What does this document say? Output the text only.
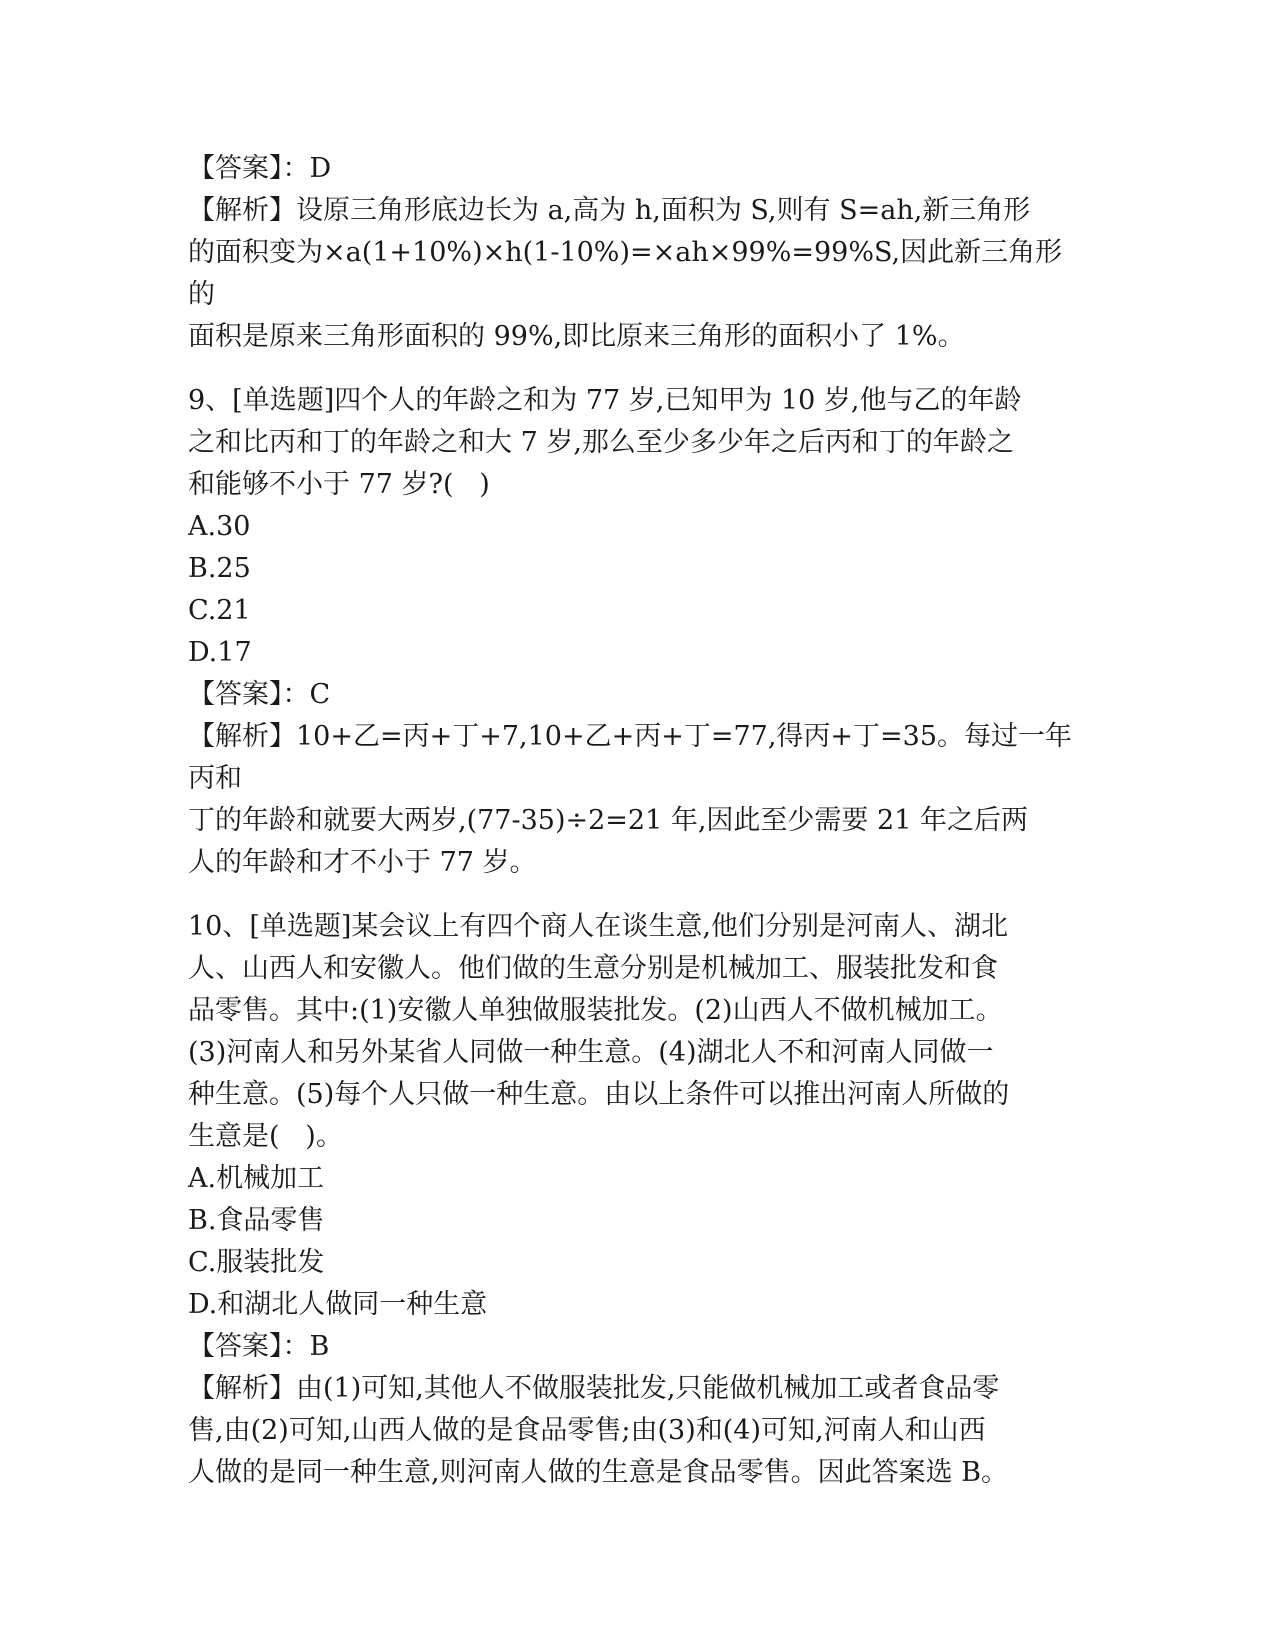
【答案】：D

【解析】设原三角形底边长为 a,高为 h,面积为 S,则有 S=ah,新三角形

的面积变为×a(1+10%)×h(1-10%)=×ah×99%=99%S,因此新三角形的

面积是原来三角形面积的 99%,即比原来三角形的面积小了 1%。

9、[单选题]四个人的年龄之和为 77 岁,已知甲为 10 岁,他与乙的年龄

之和比丙和丁的年龄之和大 7 岁,那么至少多少年之后丙和丁的年龄之

和能够不小于 77 岁?(   )

A.30

B.25

C.21

D.17

【答案】：C

【解析】10+乙=丙+丁+7,10+乙+丙+丁=77,得丙+丁=35。每过一年丙和

丁的年龄和就要大两岁,(77-35)÷2=21 年,因此至少需要 21 年之后两

人的年龄和才不小于 77 岁。

10、[单选题]某会议上有四个商人在谈生意,他们分别是河南人、湖北

人、山西人和安徽人。他们做的生意分别是机械加工、服装批发和食

品零售。其中:(1)安徽人单独做服装批发。(2)山西人不做机械加工。

(3)河南人和另外某省人同做一种生意。(4)湖北人不和河南人同做一

种生意。(5)每个人只做一种生意。由以上条件可以推出河南人所做的

生意是(   )。

A.机械加工

B.食品零售

C.服装批发

D.和湖北人做同一种生意

【答案】：B

【解析】由(1)可知,其他人不做服装批发,只能做机械加工或者食品零

售,由(2)可知,山西人做的是食品零售;由(3)和(4)可知,河南人和山西

人做的是同一种生意,则河南人做的生意是食品零售。因此答案选 B。
